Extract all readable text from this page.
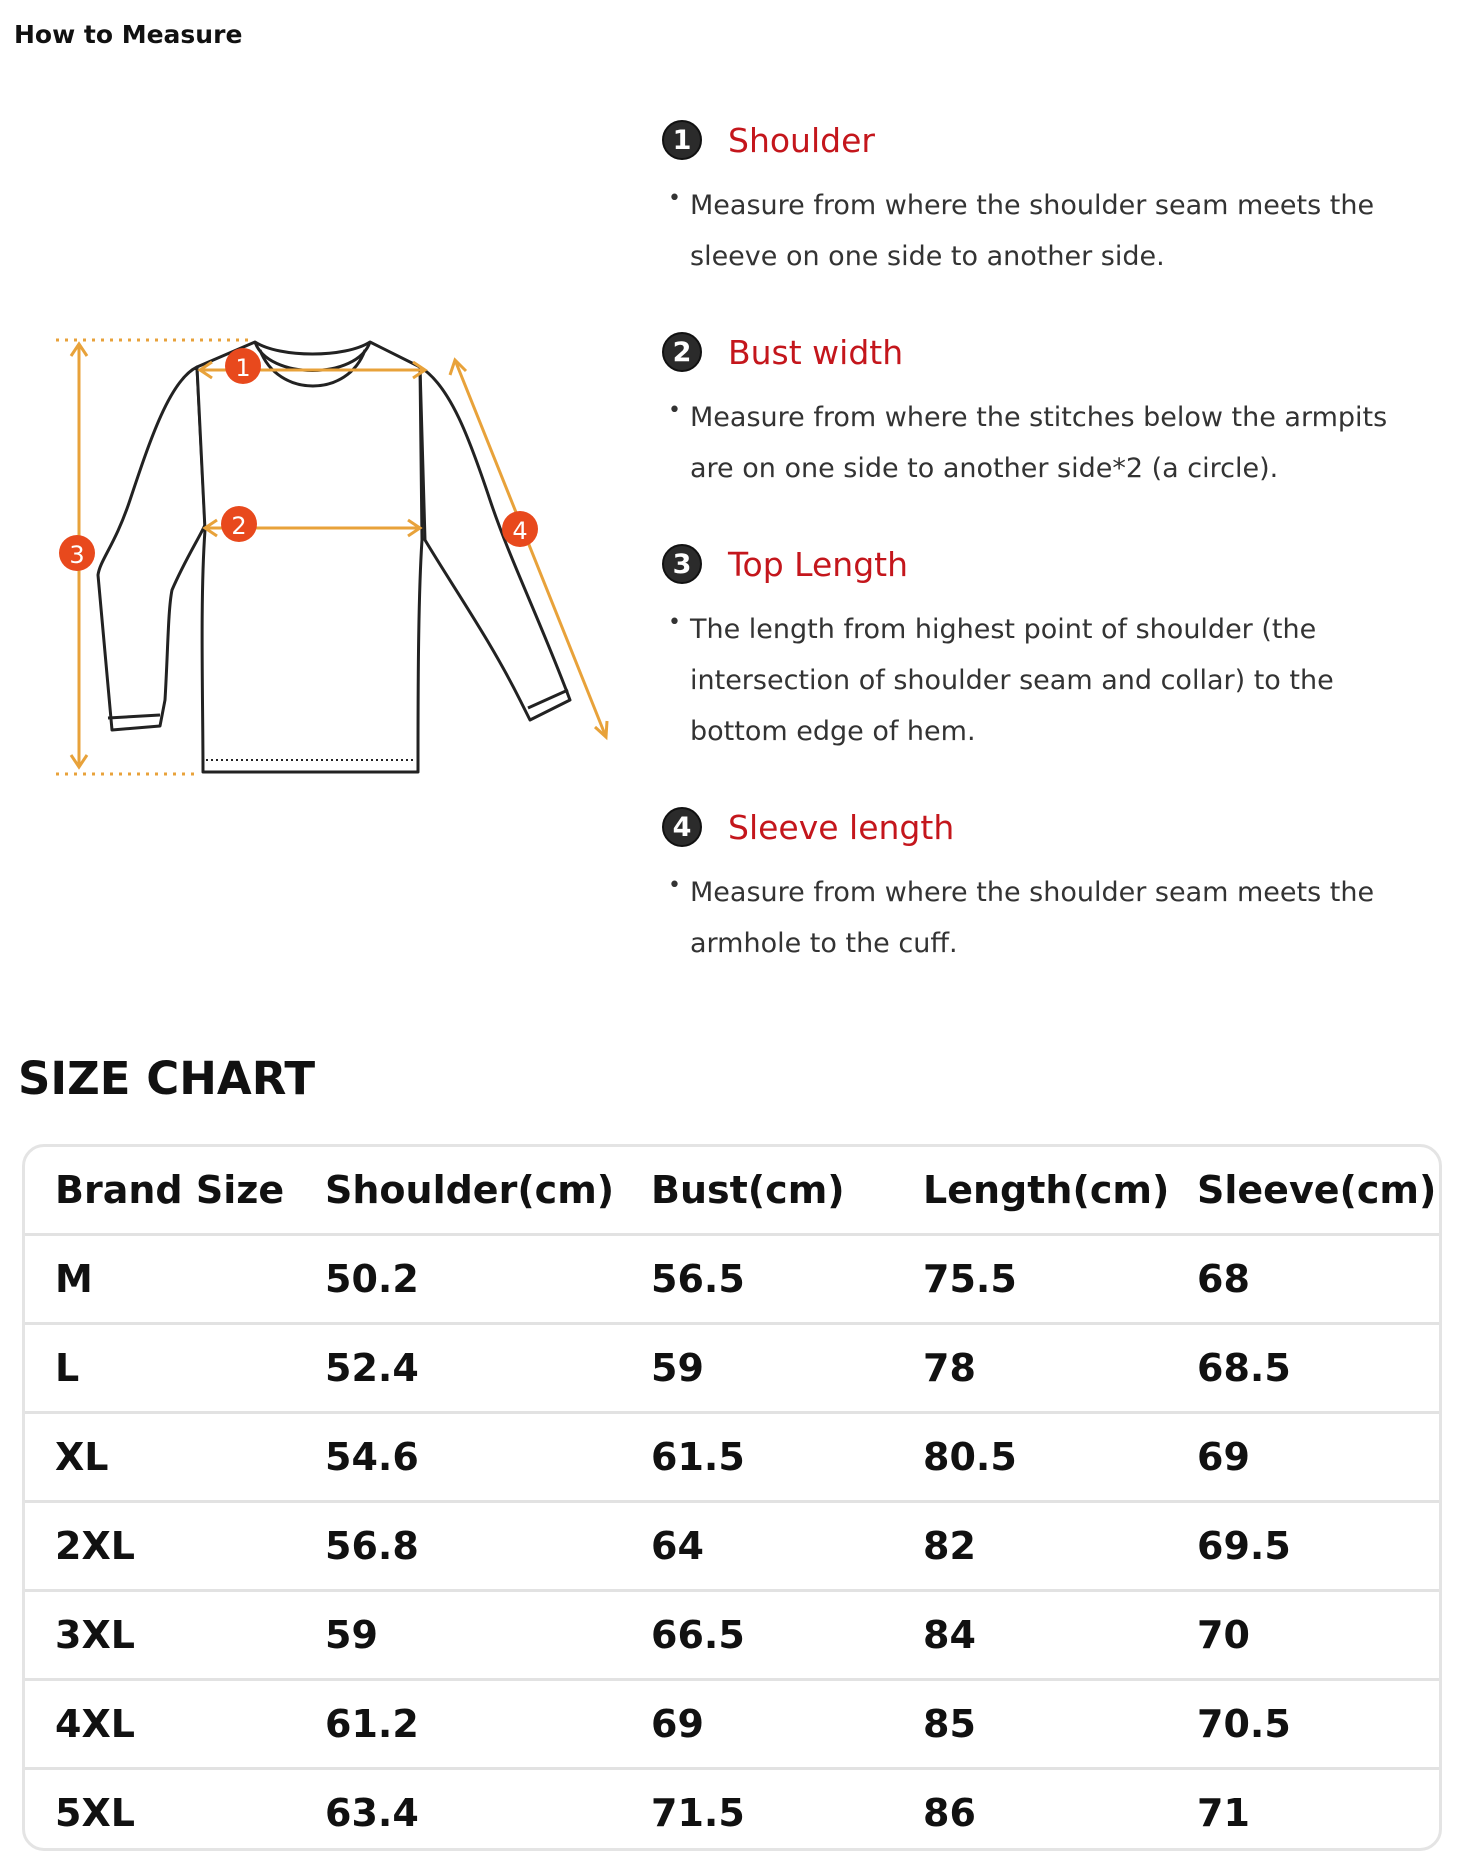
How to Measure
1
2
3
4
1	Shoulder
• Measure from where the shoulder seam meets the sleeve on one side to another side.
2	Bust width
• Measure from where the stitches below the armpits are on one side to another side*2 (a circle).
3	Top Length
• The length from highest point of shoulder (the intersection of shoulder seam and collar) to the bottom edge of hem.
4	Sleeve length
• Measure from where the shoulder seam meets the armhole to the cuff.
SIZE CHART
Brand Size	Shoulder(cm)	Bust(cm)	Length(cm)	Sleeve(cm)
M	50.2	56.5	75.5	68
L	52.4	59	78	68.5
XL	54.6	61.5	80.5	69
2XL	56.8	64	82	69.5
3XL	59	66.5	84	70
4XL	61.2	69	85	70.5
5XL	63.4	71.5	86	71
